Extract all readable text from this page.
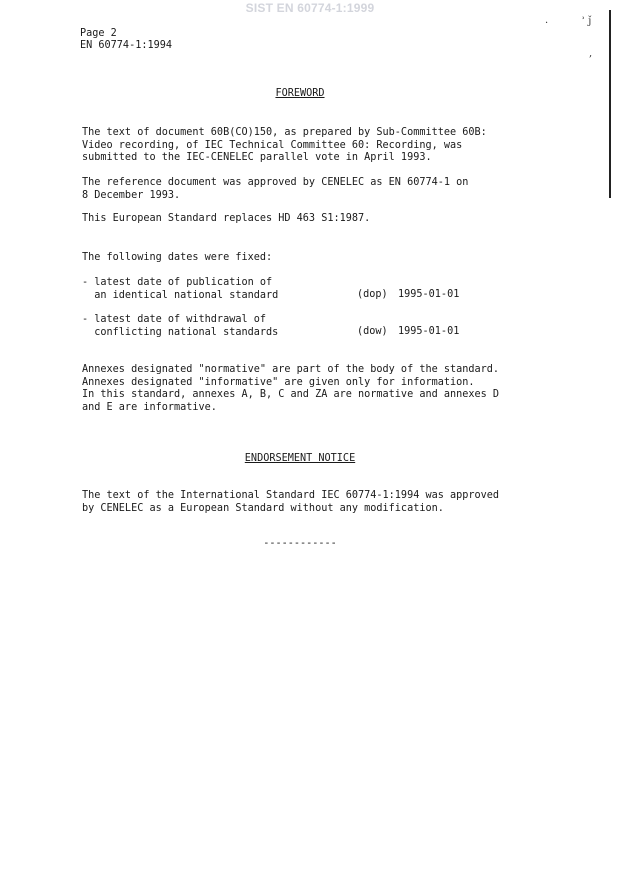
SIST EN 60774-1:1999
·	ʾ ǰ
,
Page 2
EN 60774-1:1994
FOREWORD
The text of document 60B(CO)150, as prepared by Sub-Committee 60B:
Video recording, of IEC Technical Committee 60: Recording, was
submitted to the IEC-CENELEC parallel vote in April 1993.
The reference document was approved by CENELEC as EN 60774-1 on
8 December 1993.
This European Standard replaces HD 463 S1:1987.
The following dates were fixed:
- latest date of publication of
an identical national standard	(dop) 1995-01-01
- latest date of withdrawal of
conflicting national standards	(dow) 1995-01-01
Annexes designated "normative" are part of the body of the standard.
Annexes designated "informative" are given only for information.
In this standard, annexes A, B, C and ZA are normative and annexes D
and E are informative.
ENDORSEMENT NOTICE
The text of the International Standard IEC 60774-1:1994 was approved
by CENELEC as a European Standard without any modification.
------------
